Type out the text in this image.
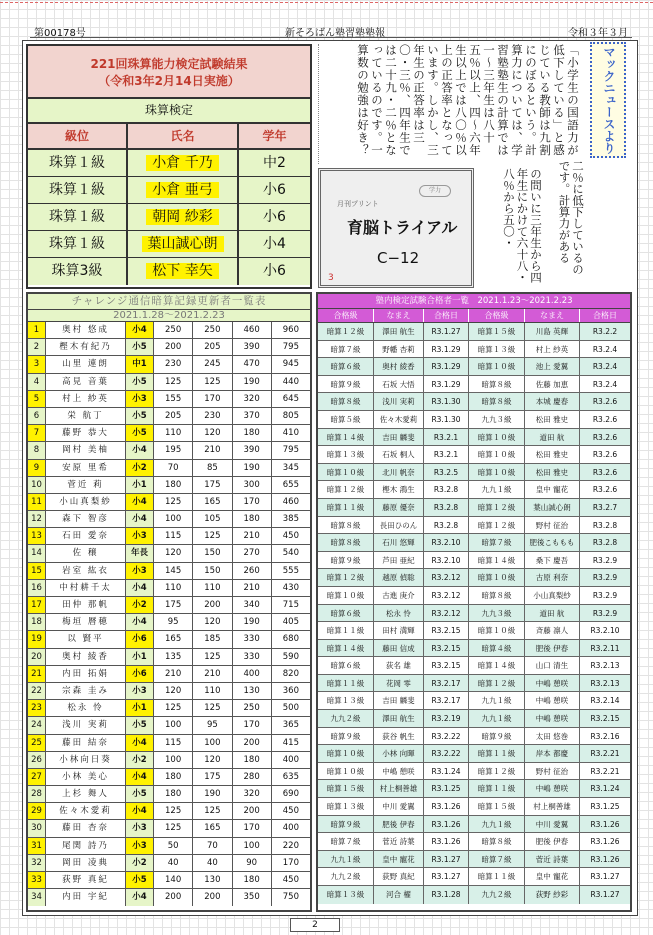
第00178号	新そろばん塾習塾塾報	令和３年３月
221回珠算能力検定試験結果
（令和3年2月14日実施）
珠算検定
級位	氏名	学年
珠算１級	小倉 千乃	中2
珠算１級	小倉 亜弓	小6
珠算１級	朝岡 紗彩	小6
珠算１級	葉山誠心朗	小4
珠算3級	松下 幸矢	小6
「小学生の国語力が低下している」と感じている教師は九割にのぼるという。計算力については、学習塾塾生の計算では一〜三年生は八十五％以上、四〜六年生以上では八〇％以上の正答率となっています。しかし、三年生の正答率は三〇・三％、四年生では二十九・二％となっているのです。一算数の勉強は好き？	マックニュースより
の問いに三年生から四年生にかけて六十八・八％から五〇・	二％に低下しているのです。計算力がある
学力
月刊プリント
育脳トライアル
C−12
3
チャレンジ通信暗算記録更新者一覧表
2021.1.28〜2021.2.23
1	奥村 悠成	小4	250	250	460	960
2	樫木有紀乃	小5	200	205	390	795
3	山里 連朗	中1	230	245	470	945
4	高見 音葉	小5	125	125	190	440
5	村上 紗英	小3	155	170	320	645
6	栄 航丁	小5	205	230	370	805
7	藤野 恭大	小5	110	120	180	410
8	岡村 美柚	小4	195	210	390	795
9	安原 里希	小2	70	85	190	345
10	菅近 莉	小1	180	175	300	655
11	小山真梨紗	小4	125	165	170	460
12	森下 智彦	小4	100	105	180	385
13	石田 愛奈	小3	115	125	210	450
14	佐 穣	年長	120	150	270	540
15	岩室 紘衣	小3	145	150	260	555
16	中村耕千太	小4	110	110	210	430
17	田仲 那帆	小2	175	200	340	715
18	梅垣 暦穂	小4	95	120	190	405
19	以 賢平	小6	165	185	330	680
20	奥村 綾香	小1	135	125	330	590
21	内田 拓娟	小6	210	210	400	820
22	宗森 圭み	小3	120	110	130	360
23	松永 怜	小1	125	125	250	500
24	浅川 実莉	小5	100	95	170	365
25	藤田 結奈	小4	115	100	200	415
26	小林向日葵	小2	100	120	180	400
27	小林 美心	小4	180	175	280	635
28	上杉 舞人	小5	180	190	320	690
29	佐々木愛莉	小4	125	125	200	450
30	藤田 杏奈	小3	125	165	170	400
31	尾関 詩乃	小3	50	70	100	220
32	岡田 凌典	小2	40	40	90	170
33	荻野 真紀	小5	140	130	180	450
34	内田 宇紀	小4	200	200	350	750
塾内検定試験合格者一覧　2021.1.23〜2021.2.23
合格級	なまえ	合格日	合格級	なまえ	合格日
暗算１２級	澤田 航生	R3.1.27	暗算１５級	川島 英輝	R3.2.2
暗算７級	野幡 杏莉	R3.1.29	暗算１３級	村上 紗英	R3.2.4
暗算６級	奥村 綾香	R3.1.29	暗算１０級	池上 愛翼	R3.2.4
暗算９級	石坂 大悟	R3.1.29	暗算８級	佐藤 加恵	R3.2.4
暗算８級	浅川 実莉	R3.1.30	暗算８級	本城 慶春	R3.2.6
暗算５級	佐々木愛莉	R3.1.30	九九３級	松田 雅史	R3.2.6
暗算１４級	吉田 麟斐	R3.2.1	暗算１０級	道田 航	R3.2.6
暗算１３級	石坂 桐人	R3.2.1	暗算１０級	松田 雅史	R3.2.6
暗算１０級	北川 帆奈	R3.2.5	暗算１０級	松田 雅史	R3.2.6
暗算１２級	樫木 鴻生	R3.2.8	九九１級	皇中 寵花	R3.2.6
暗算１１級	藤原 優奈	R3.2.8	暗算１２級	葉山誠心朗	R3.2.7
暗算８級	長田ひのん	R3.2.8	暗算１２級	野村 征治	R3.2.8
暗算８級	石川 悠輝	R3.2.10	暗算７級	肥後こももも	R3.2.8
暗算９級	芦田 亜紀	R3.2.10	暗算１４級	桑下 慶吾	R3.2.9
暗算１２級	越原 偵聡	R3.2.12	暗算１０級	古原 利奈	R3.2.9
暗算１０級	古進 庚介	R3.2.12	暗算８級	小山真梨紗	R3.2.9
暗算６級	松永 怜	R3.2.12	九九３級	道田 航	R3.2.9
暗算１１級	田村 満輝	R3.2.15	暗算１０級	斉藤 凛人	R3.2.10
暗算１４級	藤田 信成	R3.2.15	暗算４級	肥後 伊春	R3.2.11
暗算６級	荻名 雄	R3.2.15	暗算１４級	山口 清生	R3.2.13
暗算１１級	花岡 零	R3.2.17	暗算１２級	中嶋 憩咲	R3.2.13
暗算１３級	吉田 麟斐	R3.2.17	九九１級	中嶋 憩咲	R3.2.14
九九２級	澤田 航生	R3.2.19	九九１級	中嶋 憩咲	R3.2.15
暗算９級	荻谷 帆生	R3.2.22	暗算９級	太田 悠巻	R3.2.16
暗算１０級	小林 向暉	R3.2.22	暗算１１級	岸本 都慶	R3.2.21
暗算１０級	中嶋 憩咲	R3.1.24	暗算１２級	野村 征治	R3.2.21
暗算１５級	村上桐善雄	R3.1.25	暗算１１級	中嶋 憩咲	R3.1.24
暗算１３級	中川 愛翼	R3.1.26	暗算１５級	村上桐善雄	R3.1.25
暗算９級	肥後 伊春	R3.1.26	九九１級	中川 愛翼	R3.1.26
暗算７級	菅近 詩葉	R3.1.26	暗算８級	肥後 伊春	R3.1.26
九九１級	皇中 寵花	R3.1.27	暗算７級	菅近 詩葉	R3.1.26
九九２級	荻野 真紀	R3.1.27	暗算１１級	皇中 寵花	R3.1.27
暗算１３級	河合 櫂	R3.1.28	九九２級	荻野 紗彩	R3.1.27
2
